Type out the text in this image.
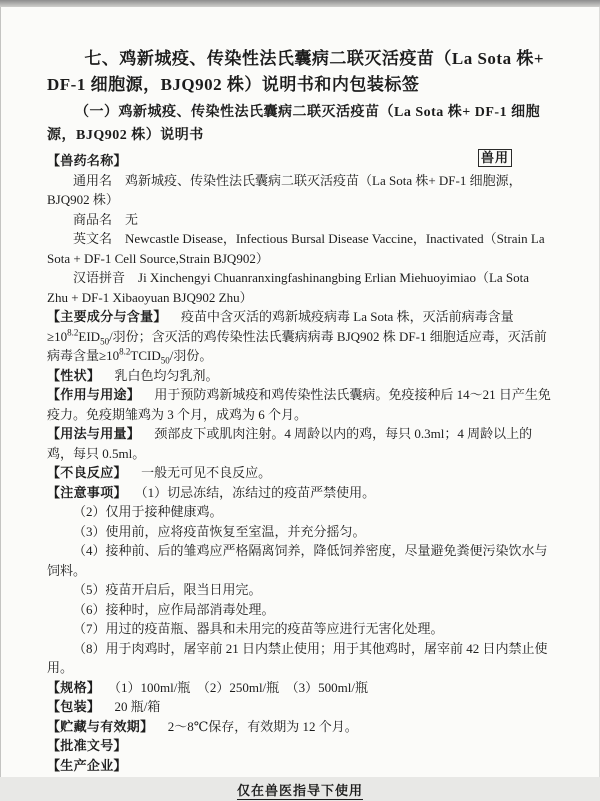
七、鸡新城疫、传染性法氏囊病二联灭活疫苗（La Sota 株+ DF-1 细胞源，BJQ902 株）说明书和内包装标签
（一）鸡新城疫、传染性法氏囊病二联灭活疫苗（La Sota 株+ DF-1 细胞源，BJQ902 株）说明书

【兽药名称】	兽用

通用名 鸡新城疫、传染性法氏囊病二联灭活疫苗（La Sota 株+ DF-1 细胞源，BJQ902 株）

商品名 无

英文名 Newcastle Disease，Infectious Bursal Disease Vaccine，Inactivated（Strain La Sota + DF-1 Cell Source,Strain BJQ902）

汉语拼音 Ji Xinchengyi Chuanranxingfashinangbing Erlian Miehuoyimiao（La Sota Zhu + DF-1 Xibaoyuan BJQ902 Zhu）

【主要成分与含量】 疫苗中含灭活的鸡新城疫病毒 La Sota 株，灭活前病毒含量$\ge 10^{8.2}EID_{50}/$羽份；含灭活的鸡传染性法氏囊病病毒 BJQ902 株 DF-1 细胞适应毒，灭活前病毒含量$\ge 10^{8.2}TCID_{50}/$羽份。

【性状】 乳白色均匀乳剂。

【作用与用途】 用于预防鸡新城疫和鸡传染性法氏囊病。免疫接种后 14～21 日产生免疫力。免疫期雏鸡为 3 个月，成鸡为 6 个月。

【用法与用量】 颈部皮下或肌肉注射。4 周龄以内的鸡，每只 0.3ml；4 周龄以上的鸡，每只 0.5ml。

【不良反应】 一般无可见不良反应。

【注意事项】 （1）切忌冻结，冻结过的疫苗严禁使用。

（2）仅用于接种健康鸡。

（3）使用前，应将疫苗恢复至室温，并充分摇匀。

（4）接种前、后的雏鸡应严格隔离饲养，降低饲养密度，尽量避免粪便污染饮水与饲料。

（5）疫苗开启后，限当日用完。

（6）接种时，应作局部消毒处理。

（7）用过的疫苗瓶、器具和未用完的疫苗等应进行无害化处理。

（8）用于肉鸡时，屠宰前 21 日内禁止使用；用于其他鸡时，屠宰前 42 日内禁止使用。

【规格】 （1）100ml/瓶　（2）250ml/瓶　（3）500ml/瓶

【包装】 20 瓶/箱

【贮藏与有效期】 2～8℃保存，有效期为 12 个月。

【批准文号】

【生产企业】

仅在兽医指导下使用
